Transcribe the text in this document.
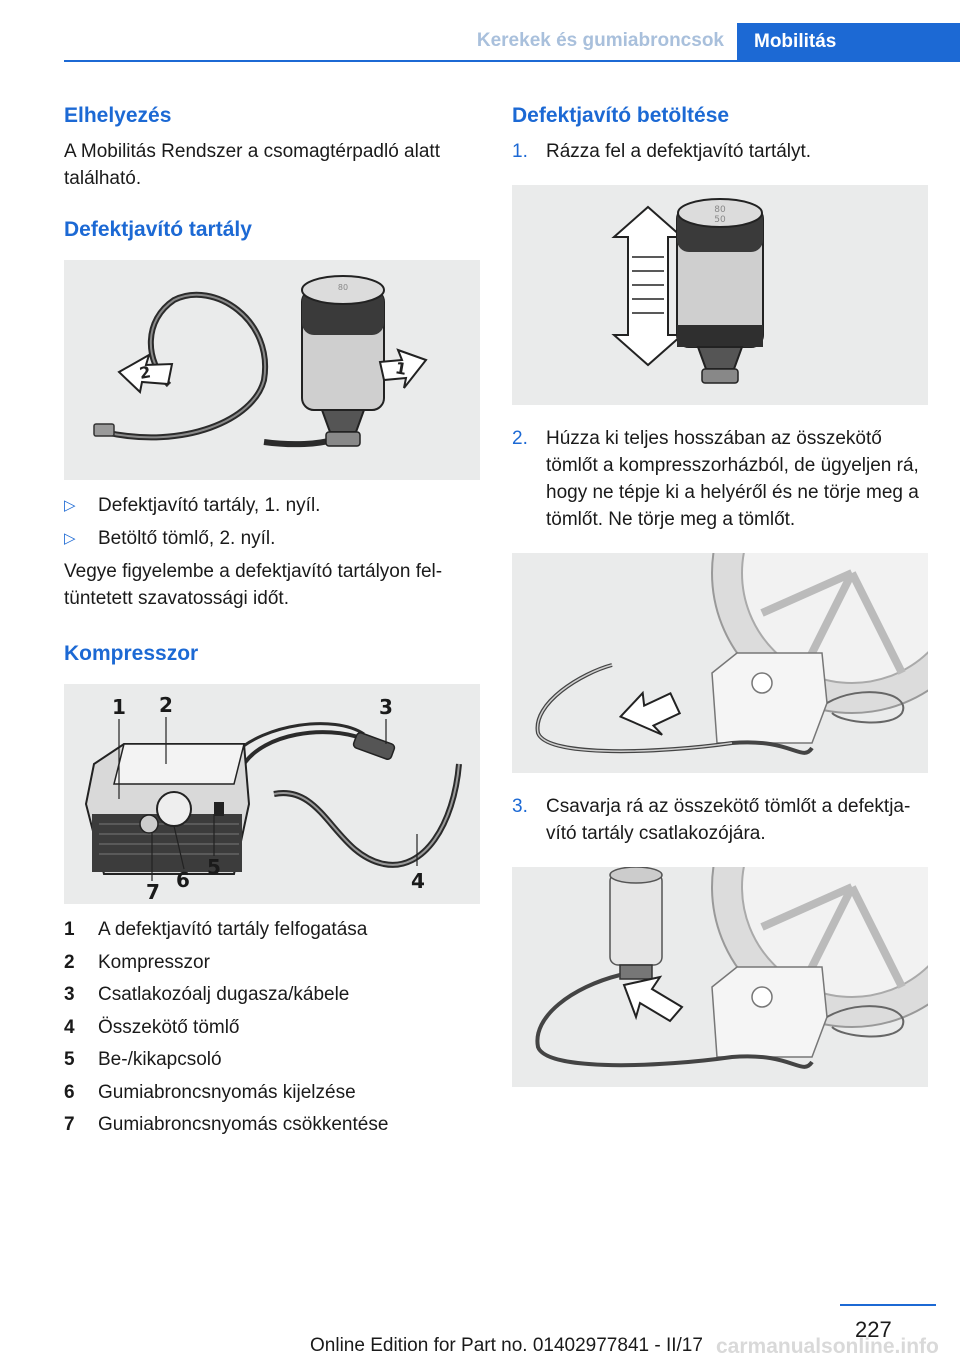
Kerekek és gumiabroncsok	Mobilitás
Elhelyezés

A Mobilitás Rendszer a csomagtérpadló alatt található.

Defektjavító tartály
80
2	1
▷ Defektjavító tartály, 1. nyíl.
▷ Betöltő tömlő, 2. nyíl.

Vegye figyelembe a defektjavító tartályon feltüntetett szavatossági időt.

Kompresszor
1 2	3
4
5
6
7
1	A defektjavító tartály felfogatása
2	Kompresszor
3	Csatlakozóalj dugasza/kábele
4	Összekötő tömlő
5	Be-/kikapcsoló
6	Gumiabroncsnyomás kijelzése
7	Gumiabroncsnyomás csökkentése
Defektjavító betöltése
1. Rázza fel a defektjavító tartályt.
80
50
2. Húzza ki teljes hosszában az összekötő tömlőt a kompresszorházból, de ügyeljen rá, hogy ne tépje ki a helyéről és ne törje meg a tömlőt. Ne törje meg a tömlőt.
3. Csavarja rá az összekötő tömlőt a defektjavító tartály csatlakozójára.
227
Online Edition for Part no. 01402977841 - II/17 carmanualsonline.info
